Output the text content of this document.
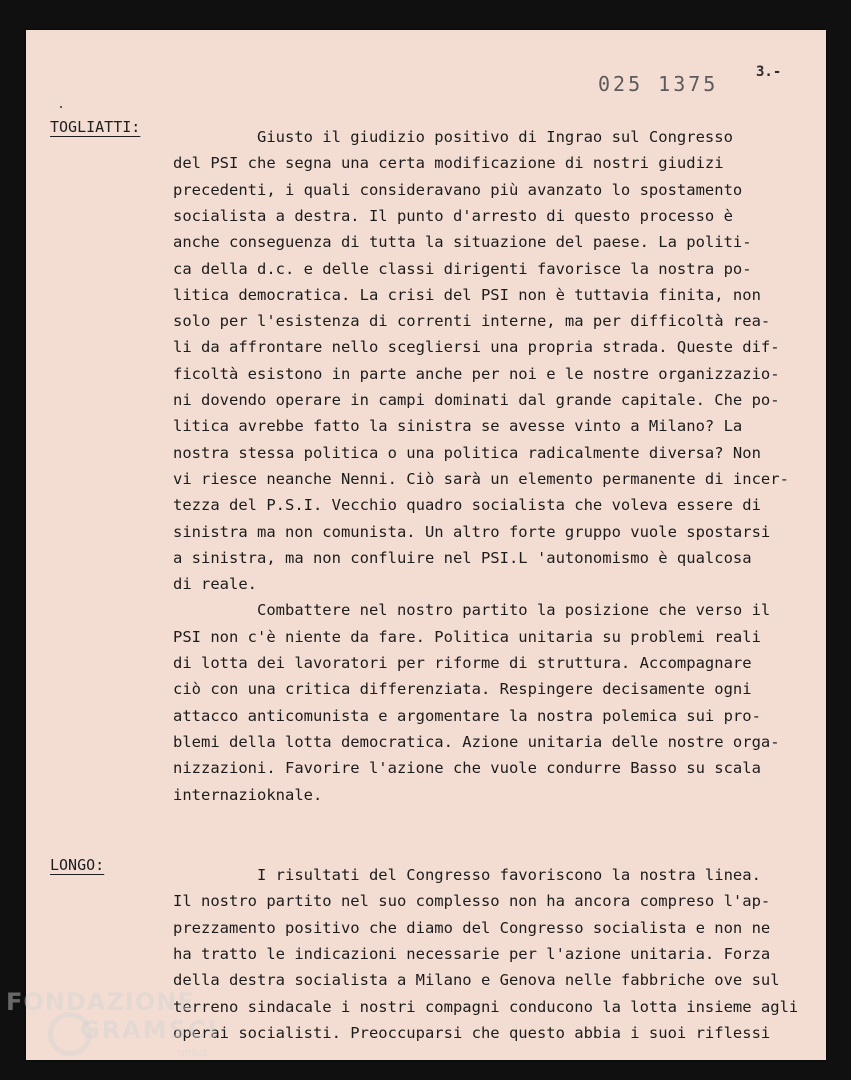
025 1375	3.-
TOGLIATTI:
LONGO:
Giusto il giudizio positivo di Ingrao sul Congresso
del PSI che segna una certa modificazione di nostri giudizi
precedenti, i quali consideravano più avanzato lo spostamento
socialista a destra. Il punto d'arresto di questo processo è
anche conseguenza di tutta la situazione del paese. La politi-
ca della d.c. e delle classi dirigenti favorisce la nostra po-
litica democratica. La crisi del PSI non è tuttavia finita, non
solo per l'esistenza di correnti interne, ma per difficoltà rea-
li da affrontare nello scegliersi una propria strada. Queste dif-
ficoltà esistono in parte anche per noi e le nostre organizzazio-
ni dovendo operare in campi dominati dal grande capitale. Che po-
litica avrebbe fatto la sinistra se avesse vinto a Milano? La
nostra stessa politica o una politica radicalmente diversa? Non
vi riesce neanche Nenni. Ciò sarà un elemento permanente di incer-
tezza del P.S.I. Vecchio quadro socialista che voleva essere di
sinistra ma non comunista. Un altro forte gruppo vuole spostarsi
a sinistra, ma non confluire nel PSI.L 'autonomismo è qualcosa
di reale.
Combattere nel nostro partito la posizione che verso il
PSI non c'è niente da fare. Politica unitaria su problemi reali
di lotta dei lavoratori per riforme di struttura. Accompagnare
ciò con una critica differenziata. Respingere decisamente ogni
attacco anticomunista e argomentare la nostra polemica sui pro-
blemi della lotta democratica. Azione unitaria delle nostre orga-
nizzazioni. Favorire l'azione che vuole condurre Basso su scala
internazioknale.
I risultati del Congresso favoriscono la nostra linea.
Il nostro partito nel suo complesso non ha ancora compreso l'ap-
prezzamento positivo che diamo del Congresso socialista e non ne
ha tratto le indicazioni necessarie per l'azione unitaria. Forza
della destra socialista a Milano e Genova nelle fabbriche ove sul
terreno sindacale i nostri compagni conducono la lotta insieme agli
operai socialisti. Preoccuparsi che questo abbia i suoi riflessi
FONDAZIONE
GRAMSCI
onlus
